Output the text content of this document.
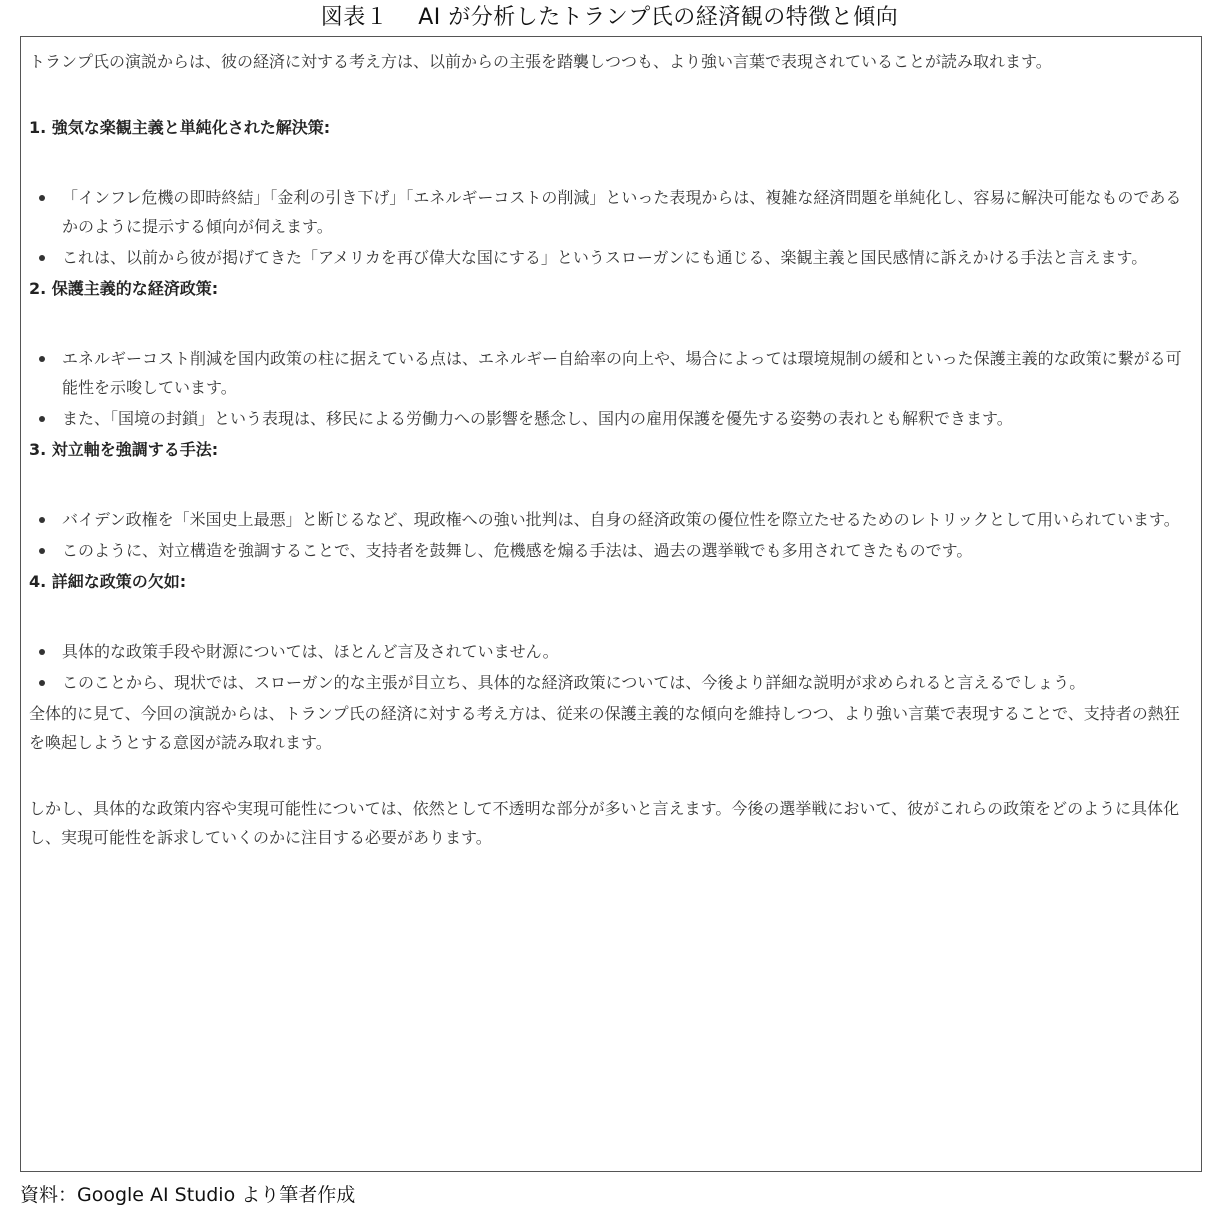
図表１　 AI が分析したトランプ氏の経済観の特徴と傾向

トランプ氏の演説からは、彼の経済に対する考え方は、以前からの主張を踏襲しつつも、より強い言葉で表現されていることが読み取れます。

1. 強気な楽観主義と単純化された解決策:

「インフレ危機の即時終結」「金利の引き下げ」「エネルギーコストの削減」といった表現からは、複雑な経済問題を単純化し、容易に解決可能なものであるかのように提示する傾向が伺えます。
これは、以前から彼が掲げてきた「アメリカを再び偉大な国にする」というスローガンにも通じる、楽観主義と国民感情に訴えかける手法と言えます。

2. 保護主義的な経済政策:

エネルギーコスト削減を国内政策の柱に据えている点は、エネルギー自給率の向上や、場合によっては環境規制の緩和といった保護主義的な政策に繋がる可能性を示唆しています。
また、「国境の封鎖」という表現は、移民による労働力への影響を懸念し、国内の雇用保護を優先する姿勢の表れとも解釈できます。

3. 対立軸を強調する手法:

バイデン政権を「米国史上最悪」と断じるなど、現政権への強い批判は、自身の経済政策の優位性を際立たせるためのレトリックとして用いられています。
このように、対立構造を強調することで、支持者を鼓舞し、危機感を煽る手法は、過去の選挙戦でも多用されてきたものです。

4. 詳細な政策の欠如:

具体的な政策手段や財源については、ほとんど言及されていません。
このことから、現状では、スローガン的な主張が目立ち、具体的な経済政策については、今後より詳細な説明が求められると言えるでしょう。

全体的に見て、今回の演説からは、トランプ氏の経済に対する考え方は、従来の保護主義的な傾向を維持しつつ、より強い言葉で表現することで、支持者の熱狂を喚起しようとする意図が読み取れます。

しかし、具体的な政策内容や実現可能性については、依然として不透明な部分が多いと言えます。今後の選挙戦において、彼がこれらの政策をどのように具体化し、実現可能性を訴求していくのかに注目する必要があります。

資料：Google AI Studio より筆者作成
